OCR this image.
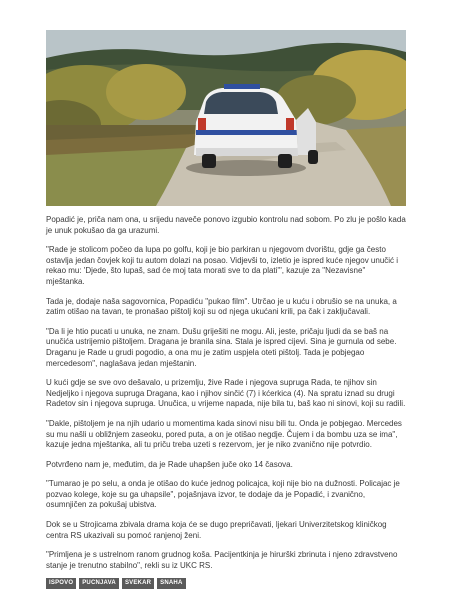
Popadić je, priča nam ona, u srijedu naveče ponovo izgubio kontrolu nad sobom. Po zlu je pošlo kada je unuk pokušao da ga urazumi.

"Rade je stolicom počeo da lupa po golfu, koji je bio parkiran u njegovom dvorištu, gdje ga često ostavlja jedan čovjek koji tu autom dolazi na posao. Vidjevši to, izletio je ispred kuće njegov unučić i rekao mu: 'Djede, što lupaš, sad će moj tata morati sve to da plati'", kazuje za "Nezavisne" mještanka.

Tada je, dodaje naša sagovornica, Popadiću "pukao film". Utrčao je u kuću i obrušio se na unuka, a zatim otišao na tavan, te pronašao pištolj koji su od njega ukućani krili, pa čak i zaključavali.

"Da li je htio pucati u unuka, ne znam. Dušu griješiti ne mogu. Ali, jeste, pričaju ljudi da se baš na unučića ustrijemio pištoljem. Dragana je branila sina. Stala je ispred cijevi. Sina je gurnula od sebe. Draganu je Rade u grudi pogodio, a ona mu je zatim uspjela oteti pištolj. Tada je pobjegao mercedesom", naglašava jedan mještanin.

U kući gdje se sve ovo dešavalo, u prizemlju, žive Rade i njegova supruga Rada, te njihov sin Nedjeljko i njegova supruga Dragana, kao i njihov sinčić (7) i kćerkica (4). Na spratu iznad su drugi Radetov sin i njegova supruga. Unučica, u vrijeme napada, nije bila tu, baš kao ni sinovi, koji su radili.

"Dakle, pištoljem je na njih udario u momentima kada sinovi nisu bili tu. Onda je pobjegao. Mercedes su mu našli u obližnjem zaseoku, pored puta, a on je otišao negdje. Čujem i da bombu uza se ima", kazuje jedna mještanka, ali tu priču treba uzeti s rezervom, jer je niko zvanično nije potvrdio.

Potvrđeno nam je, međutim, da je Rade uhapšen juče oko 14 časova.

"Tumarao je po selu, a onda je otišao do kuće jednog policajca, koji nije bio na dužnosti. Policajac je pozvao kolege, koje su ga uhapsile", pojašnjava izvor, te dodaje da je Popadić, i zvanično, osumnjičen za pokušaj ubistva.

Dok se u Strojicama zbivala drama koja će se dugo prepričavati, ljekari Univerzitetskog kliničkog centra RS ukazivali su pomoć ranjenoj ženi.

"Primljena je s ustrelnom ranom grudnog koša. Pacijentkinja je hirurški zbrinuta i njeno zdravstveno stanje je trenutno stabilno", rekli su iz UKC RS.

ISPOVO	PUCNJAVA	SVEKAR	SNAHA
